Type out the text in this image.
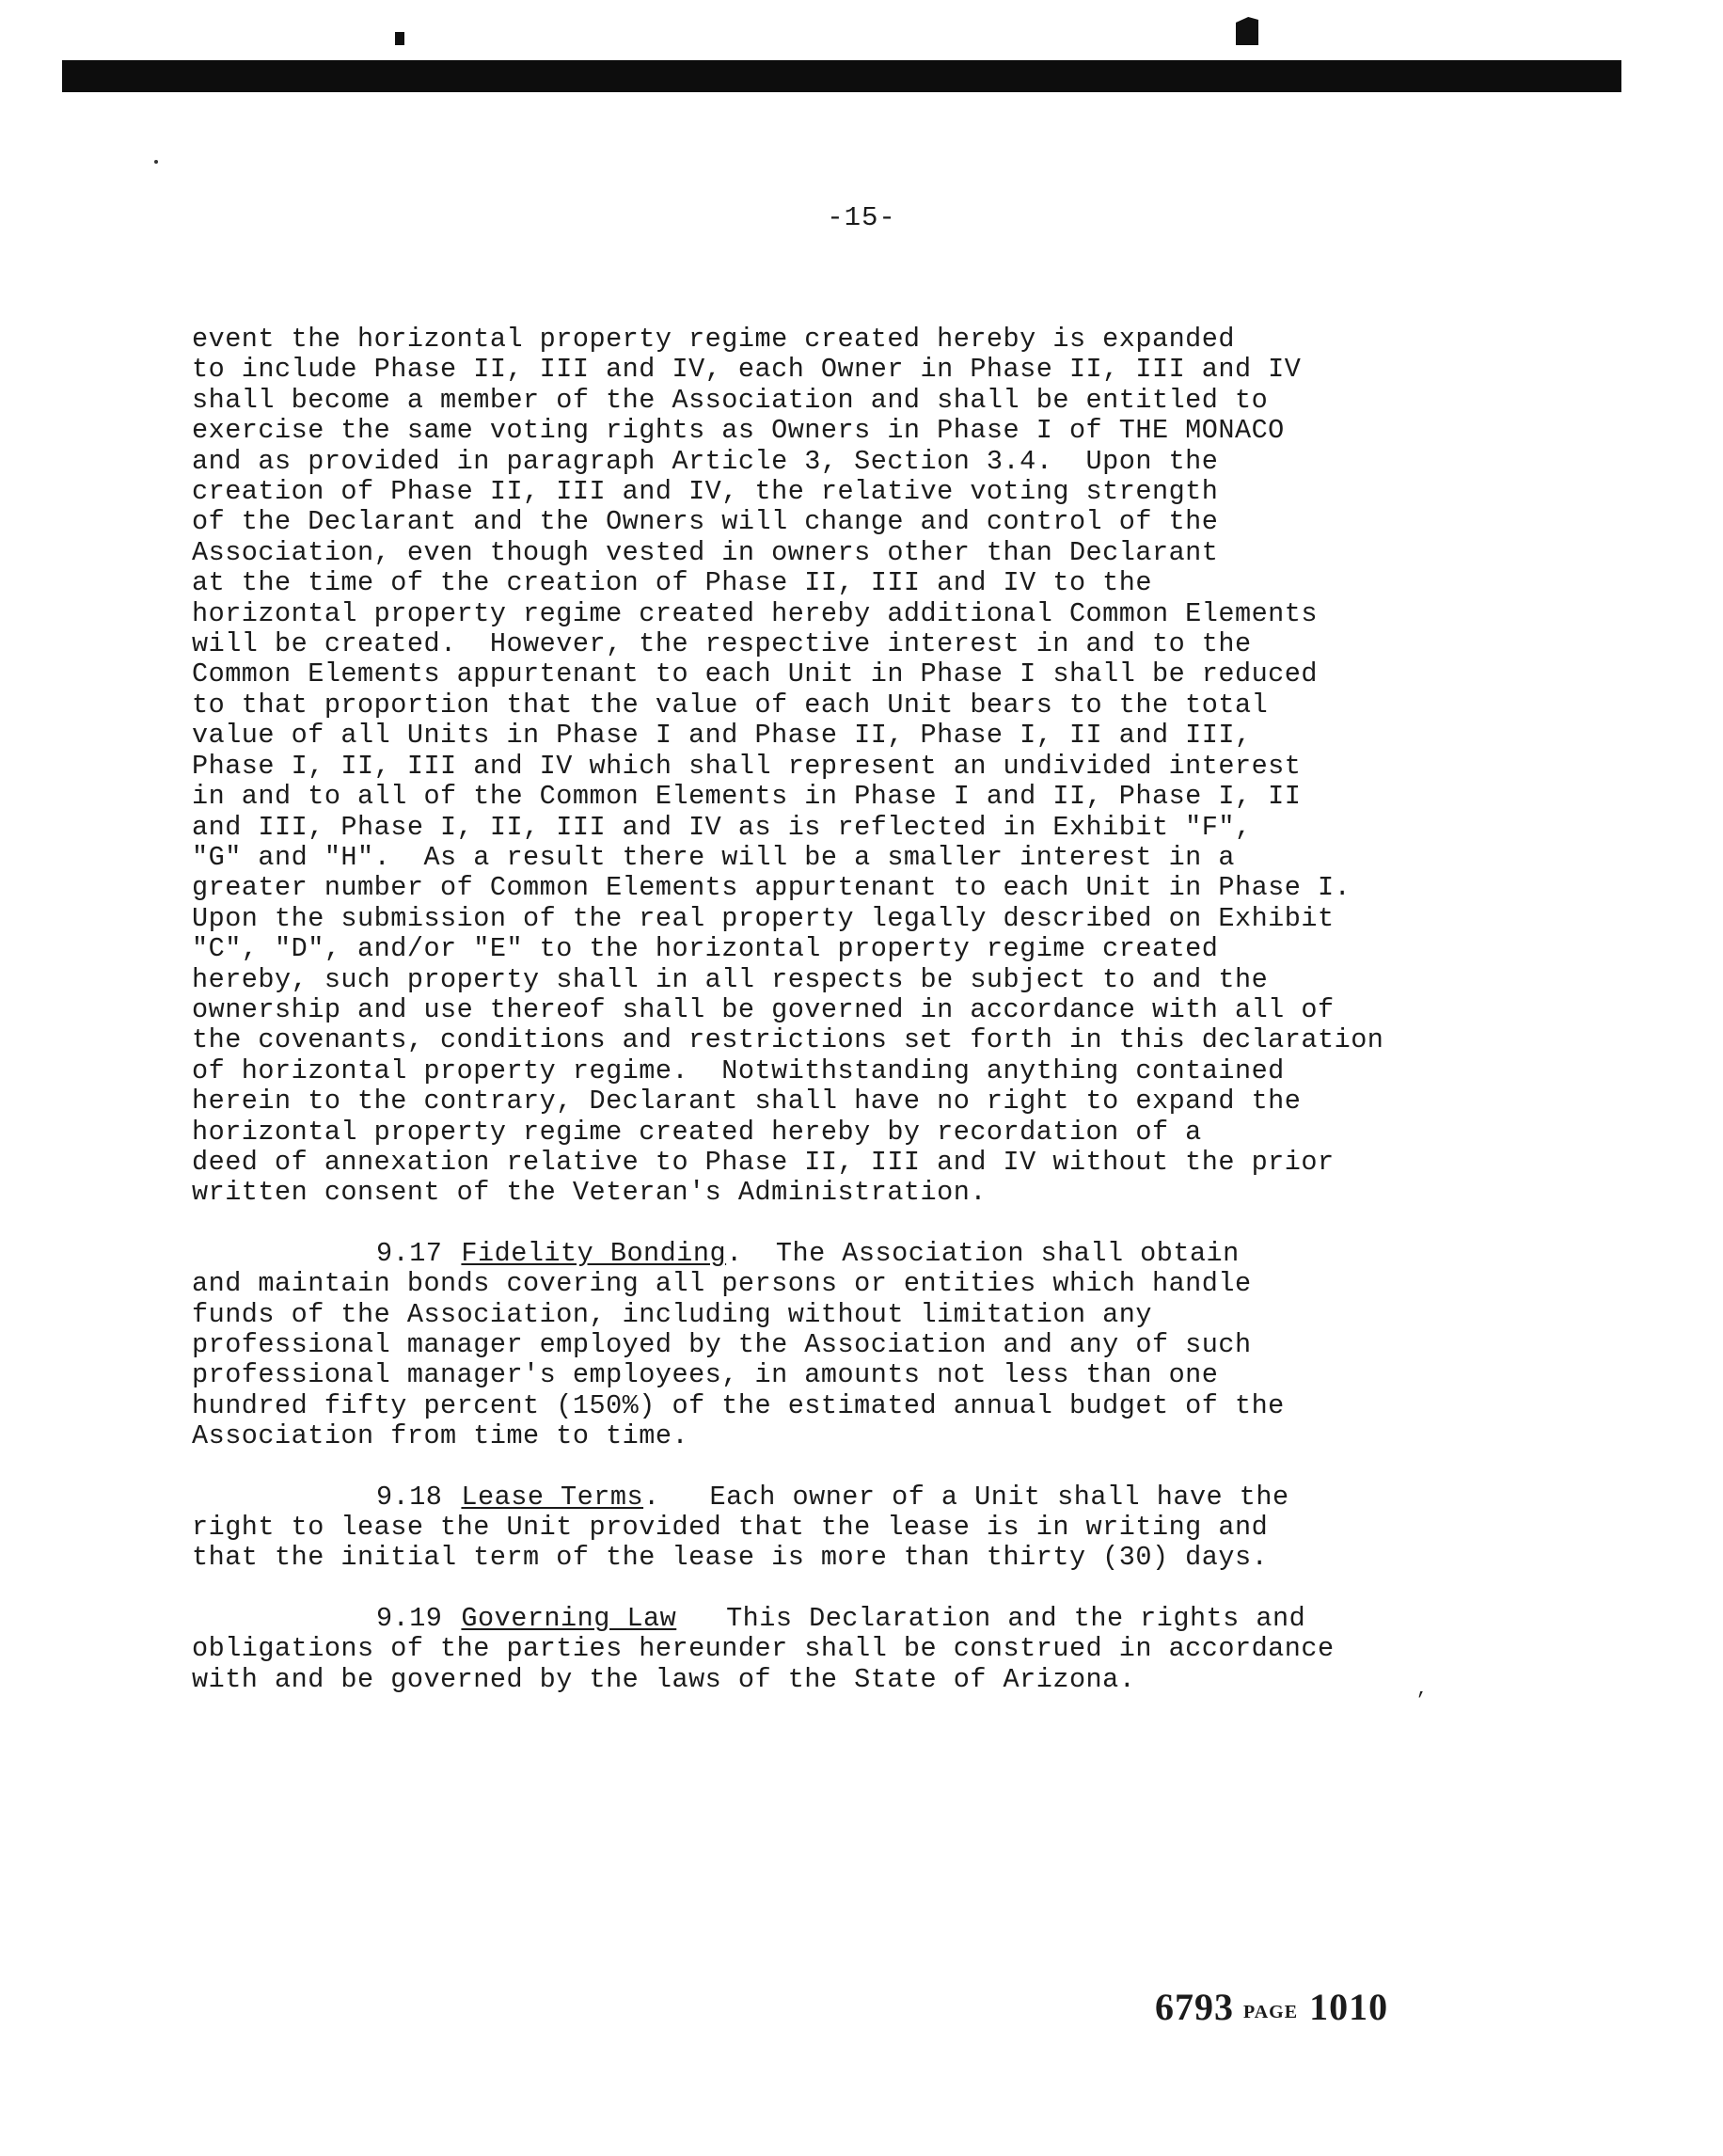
-15-
event the horizontal property regime created hereby is expanded
to include Phase II, III and IV, each Owner in Phase II, III and IV
shall become a member of the Association and shall be entitled to
exercise the same voting rights as Owners in Phase I of THE MONACO
and as provided in paragraph Article 3, Section 3.4.  Upon the
creation of Phase II, III and IV, the relative voting strength
of the Declarant and the Owners will change and control of the
Association, even though vested in owners other than Declarant
at the time of the creation of Phase II, III and IV to the
horizontal property regime created hereby additional Common Elements
will be created.  However, the respective interest in and to the
Common Elements appurtenant to each Unit in Phase I shall be reduced
to that proportion that the value of each Unit bears to the total
value of all Units in Phase I and Phase II, Phase I, II and III,
Phase I, II, III and IV which shall represent an undivided interest
in and to all of the Common Elements in Phase I and II, Phase I, II
and III, Phase I, II, III and IV as is reflected in Exhibit "F",
"G" and "H".  As a result there will be a smaller interest in a
greater number of Common Elements appurtenant to each Unit in Phase I.
Upon the submission of the real property legally described on Exhibit
"C", "D", and/or "E" to the horizontal property regime created
hereby, such property shall in all respects be subject to and the
ownership and use thereof shall be governed in accordance with all of
the covenants, conditions and restrictions set forth in this declaration
of horizontal property regime.  Notwithstanding anything contained
herein to the contrary, Declarant shall have no right to expand the
horizontal property regime created hereby by recordation of a
deed of annexation relative to Phase II, III and IV without the prior
written consent of the Veteran's Administration.
9.17 Fidelity Bonding.  The Association shall obtain
and maintain bonds covering all persons or entities which handle
funds of the Association, including without limitation any
professional manager employed by the Association and any of such
professional manager's employees, in amounts not less than one
hundred fifty percent (150%) of the estimated annual budget of the
Association from time to time.
9.18 Lease Terms.   Each owner of a Unit shall have the
right to lease the Unit provided that the lease is in writing and
that the initial term of the lease is more than thirty (30) days.
9.19 Governing Law   This Declaration and the rights and
obligations of the parties hereunder shall be construed in accordance
with and be governed by the laws of the State of Arizona.	,
6793 PAGE 1010
